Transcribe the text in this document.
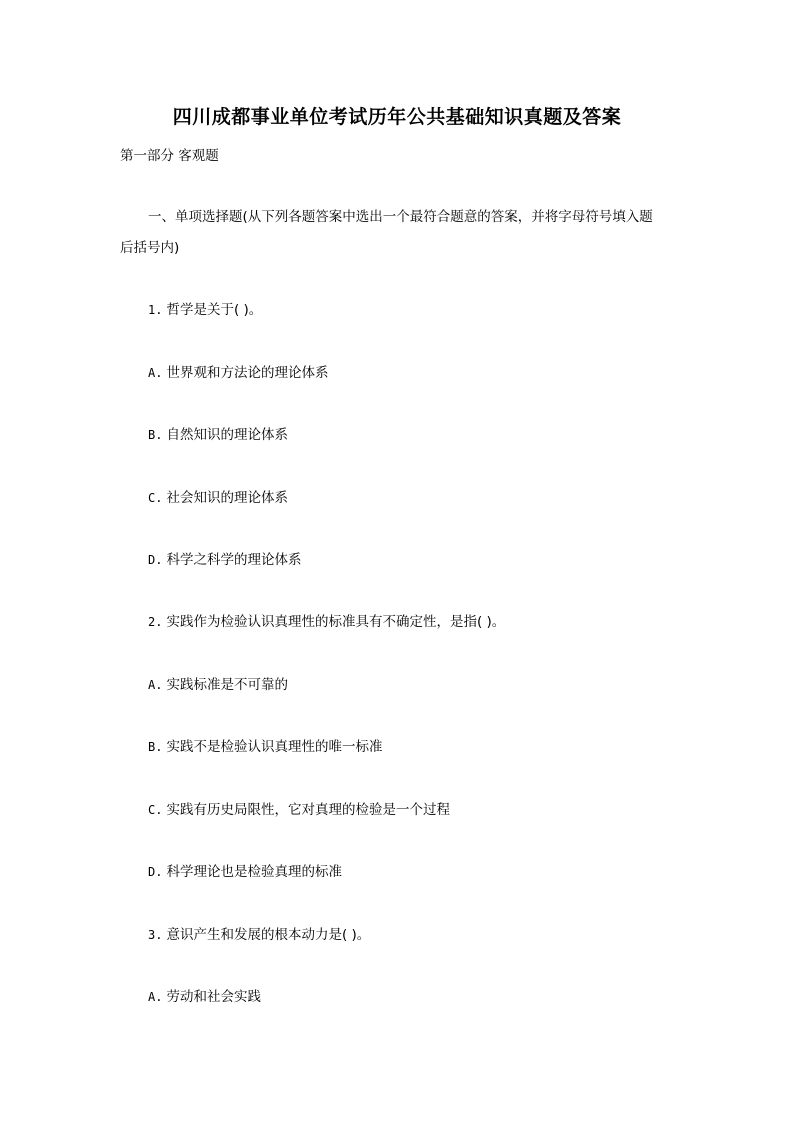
四川成都事业单位考试历年公共基础知识真题及答案
第一部分 客观题
一、单项选择题(从下列各题答案中选出一个最符合题意的答案，并将字母符号填入题
后括号内)
1. 哲学是关于( )。
A. 世界观和方法论的理论体系
B. 自然知识的理论体系
C. 社会知识的理论体系
D. 科学之科学的理论体系
2. 实践作为检验认识真理性的标准具有不确定性，是指( )。
A. 实践标准是不可靠的
B. 实践不是检验认识真理性的唯一标准
C. 实践有历史局限性，它对真理的检验是一个过程
D. 科学理论也是检验真理的标准
3. 意识产生和发展的根本动力是( )。
A. 劳动和社会实践
